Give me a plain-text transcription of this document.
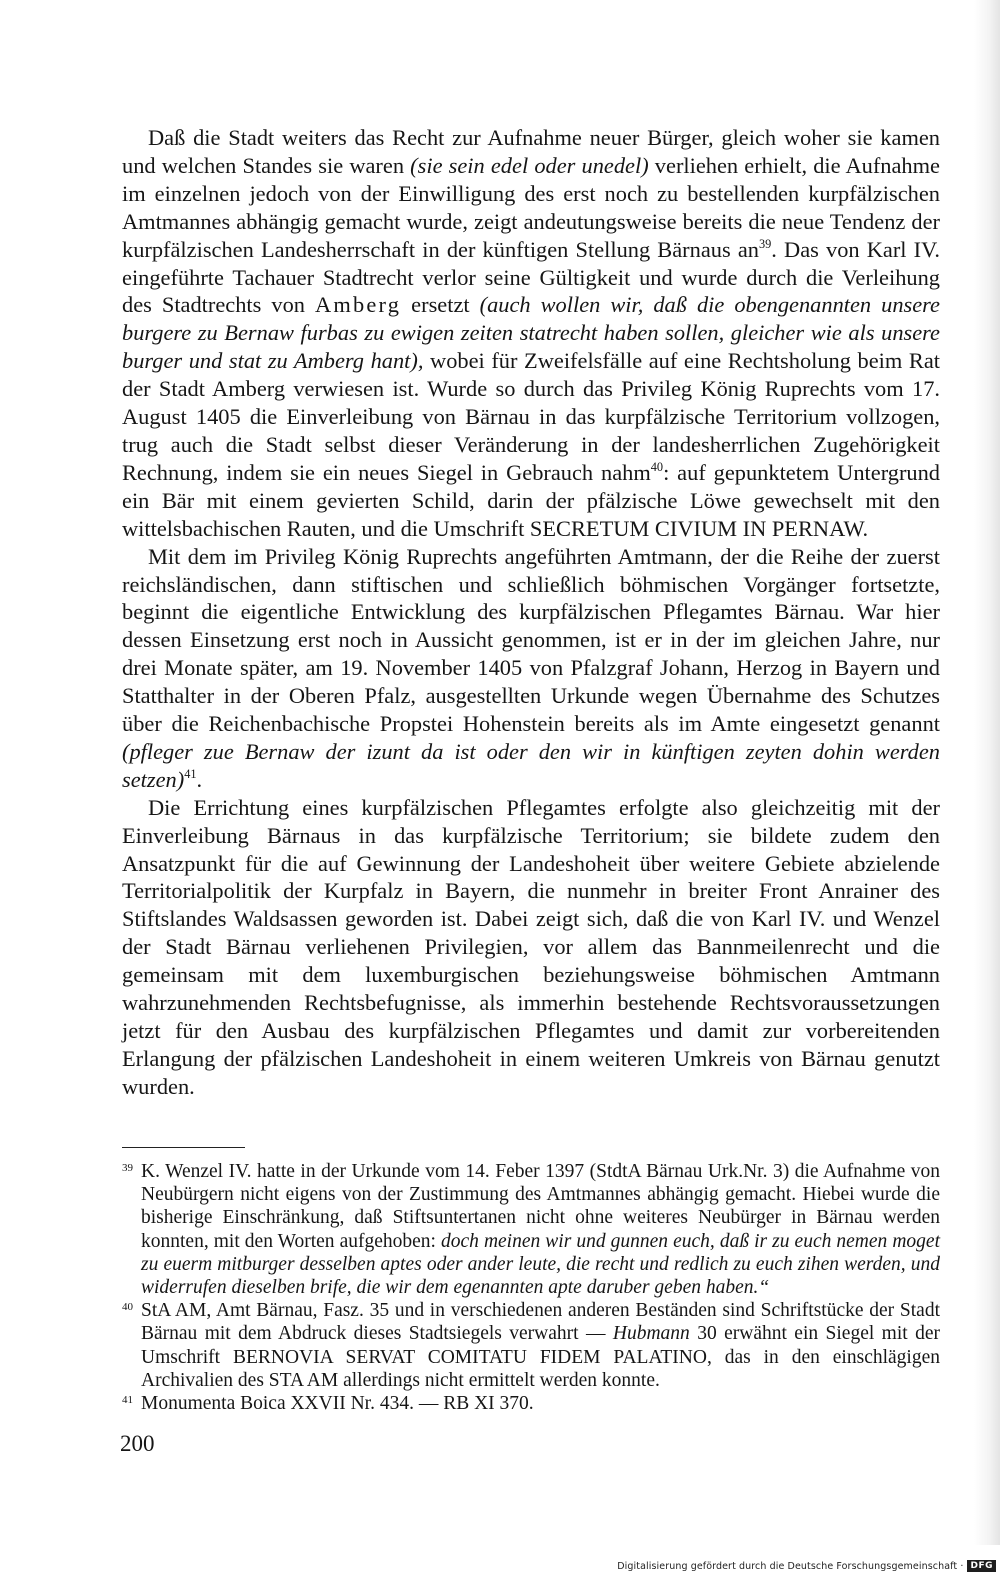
Daß die Stadt weiters das Recht zur Aufnahme neuer Bürger, gleich woher sie kamen und welchen Standes sie waren (sie sein edel oder unedel) verliehen erhielt, die Aufnahme im einzelnen jedoch von der Einwilligung des erst noch zu bestellenden kurpfälzischen Amtmannes abhängig gemacht wurde, zeigt andeutungsweise bereits die neue Tendenz der kurpfälzischen Landesherrschaft in der künftigen Stellung Bärnaus $an^{39}$. Das von Karl IV. eingeführte Tachauer Stadtrecht verlor seine Gültigkeit und wurde durch die Verleihung des Stadtrechts von Amberg ersetzt (auch wollen wir, daß die obengenannten unsere burgere zu Bernaw furbas zu ewigen zeiten statrecht haben sollen, gleicher wie als unsere burger und stat zu Amberg hant), wobei für Zweifelsfälle auf eine Rechtsholung beim Rat der Stadt Amberg verwiesen ist. Wurde so durch das Privileg König Ruprechts vom 17. August 1405 die Einverleibung von Bärnau in das kurpfälzische Territorium vollzogen, trug auch die Stadt selbst dieser Veränderung in der landesherrlichen Zugehörigkeit Rechnung, indem sie ein neues Siegel in Gebrauch nahm$^{40}$: auf gepunktetem Untergrund ein Bär mit einem gevierten Schild, darin der pfälzische Löwe gewechselt mit den wittelsbachischen Rauten, und die Umschrift SECRETUM CIVIUM IN PERNAW.

Mit dem im Privileg König Ruprechts angeführten Amtmann, der die Reihe der zuerst reichsländischen, dann stiftischen und schließlich böhmischen Vorgänger fortsetzte, beginnt die eigentliche Entwicklung des kurpfälzischen Pflegamtes Bärnau. War hier dessen Einsetzung erst noch in Aussicht genommen, ist er in der im gleichen Jahre, nur drei Monate später, am 19. November 1405 von Pfalzgraf Johann, Herzog in Bayern und Statthalter in der Oberen Pfalz, ausgestellten Urkunde wegen Übernahme des Schutzes über die Reichenbachische Propstei Hohenstein bereits als im Amte eingesetzt genannt (pfleger zue Bernaw der izunt da ist oder den wir in künftigen zeyten dohin werden setzen)$^{41}$.

Die Errichtung eines kurpfälzischen Pflegamtes erfolgte also gleichzeitig mit der Einverleibung Bärnaus in das kurpfälzische Territorium; sie bildete zudem den Ansatzpunkt für die auf Gewinnung der Landeshoheit über weitere Gebiete abzielende Territorialpolitik der Kurpfalz in Bayern, die nunmehr in breiter Front Anrainer des Stiftslandes Waldsassen geworden ist. Dabei zeigt sich, daß die von Karl IV. und Wenzel der Stadt Bärnau verliehenen Privilegien, vor allem das Bannmeilenrecht und die gemeinsam mit dem luxemburgischen beziehungsweise böhmischen Amtmann wahrzunehmenden Rechtsbefugnisse, als immerhin bestehende Rechtsvoraussetzungen jetzt für den Ausbau des kurpfälzischen Pflegamtes und damit zur vorbereitenden Erlangung der pfälzischen Landeshoheit in einem weiteren Umkreis von Bärnau genutzt wurden.

39 K. Wenzel IV. hatte in der Urkunde vom 14. Feber 1397 (StdtA Bärnau Urk.Nr. 3) die Aufnahme von Neubürgern nicht eigens von der Zustimmung des Amtmannes abhängig gemacht. Hiebei wurde die bisherige Einschränkung, daß Stiftsuntertanen nicht ohne weiteres Neubürger in Bärnau werden konnten, mit den Worten aufgehoben: doch meinen wir und gunnen euch, daß ir zu euch nemen moget zu euerm mitburger desselben aptes oder ander leute, die recht und redlich zu euch zihen werden, und widerrufen dieselben brife, die wir dem egenannten apte daruber geben haben.“
40 StA AM, Amt Bärnau, Fasz. 35 und in verschiedenen anderen Beständen sind Schriftstücke der Stadt Bärnau mit dem Abdruck dieses Stadtsiegels verwahrt — Hubmann 30 erwähnt ein Siegel mit der Umschrift BERNOVIA SERVAT COMITATU FIDEM PALATINO, das in den einschlägigen Archivalien des STA AM allerdings nicht ermittelt werden konnte.
41 Monumenta Boica XXVII Nr. 434. — RB XI 370.
200
Digitalisierung gefördert durch die Deutsche Forschungsgemeinschaft · DFG
